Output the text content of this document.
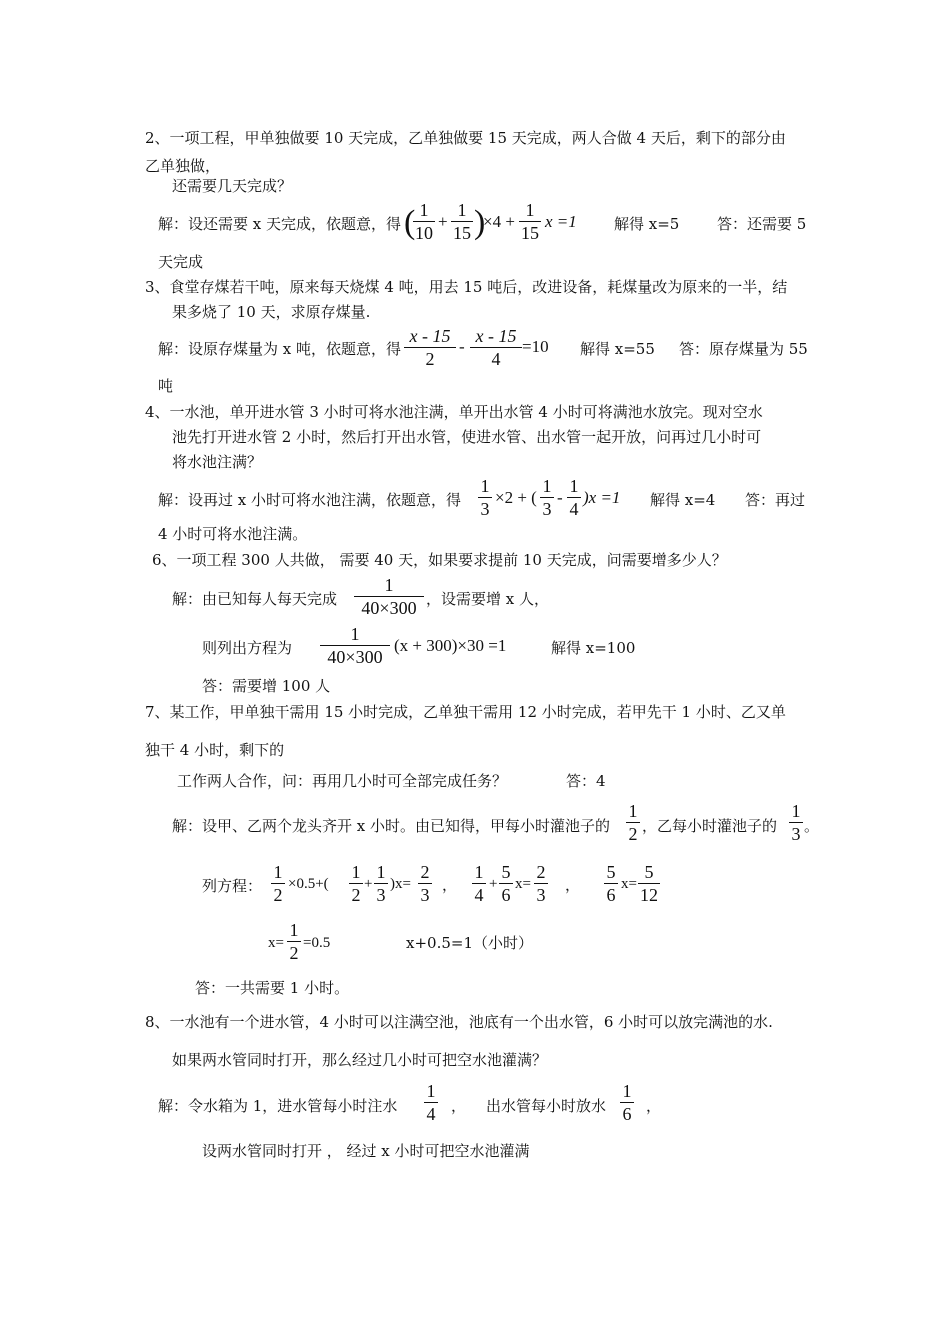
2、一项工程，甲单独做要 10 天完成，乙单独做要 15 天完成，两人合做 4 天后，剩下的部分由
乙单独做，
还需要几天完成？
解：设还需要 x 天完成，依题意，得 ( 1
10
+
1
15 )
×4 +
1
15
x =1 解得 x=5	答：还需要 5
天完成
3、食堂存煤若干吨，原来每天烧煤 4 吨，用去 15 吨后，改进设备，耗煤量改为原来的一半，结
果多烧了 10 天，求原存煤量.
解：设原存煤量为 x 吨，依题意，得
x - 15
2
-
x - 15
4
=10 解得 x=55 答：原存煤量为 55
吨
4、一水池，单开进水管 3 小时可将水池注满，单开出水管 4 小时可将满池水放完。现对空水
池先打开进水管 2 小时，然后打开出水管，使进水管、出水管一起开放，问再过几小时可
将水池注满？
解：设再过 x 小时可将水池注满，依题意，得
1
3
×2 + (
1
3
-
1
4
)x =1 解得 x=4 答：再过
4 小时可将水池注满。
6、一项工程 300 人共做， 需要 40 天，如果要求提前 10 天完成，问需要增多少人？
解：由已知每人每天完成
1
40×300 ，设需要增 x 人，
则列出方程为
1
40×300
(x + 300)×30 =1	解得 x=100
答：需要增 100 人
7、某工作，甲单独干需用 15 小时完成，乙单独干需用 12 小时完成，若甲先干 1 小时、乙又单
独干 4 小时，剩下的
工作两人合作，问：再用几小时可全部完成任务？	答：4
解：设甲、乙两个龙头齐开 x 小时。由已知得，甲每小时灌池子的
1
2 ，乙每小时灌池子的
1
3 。
列方程：
1
2
×0.5+(
1
2
+
1
3
)x=
2
3 ，
1
4
+
5
6
x=
2
3 ，
5
6
x=
5
12
x=
1
2 =0.5	x+0.5=1（小时）
答：一共需要 1 小时。
8、一水池有一个进水管，4 小时可以注满空池，池底有一个出水管，6 小时可以放完满池的水.
如果两水管同时打开，那么经过几小时可把空水池灌满？
解：令水箱为 1，进水管每小时注水
1
4 ， 出水管每小时放水
1
6 ，
设两水管同时打开 ， 经过 x 小时可把空水池灌满
